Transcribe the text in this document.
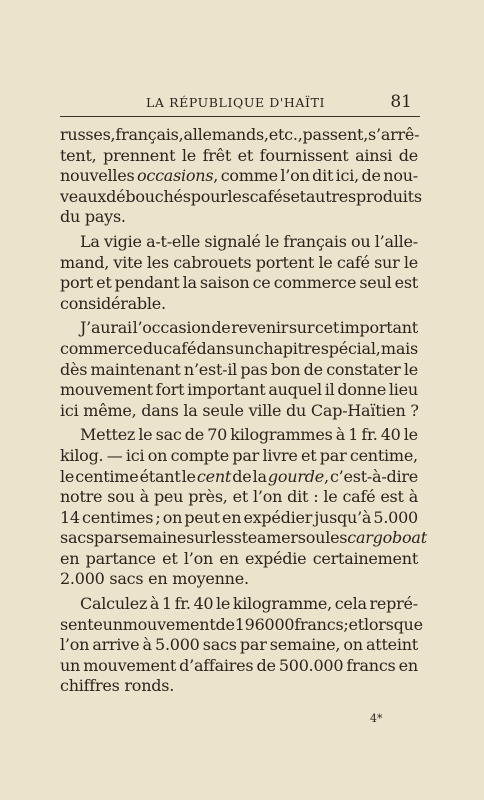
LA RÉPUBLIQUE D'HAÏTI	81
russes, français, allemands, etc., passent, s’arrê-
tent, prennent le frêt et fournissent ainsi de
nouvelles occasions, comme l’on dit ici, de nou-
veaux débouchés pour les cafés et autres produits
du pays.
La vigie a-t-elle signalé le français ou l’alle-
mand, vite les cabrouets portent le café sur le
port et pendant la saison ce commerce seul est
considérable.
J’aurai l’occasion de revenir sur cet important
commerce du café dans un chapitre spécial, mais
dès maintenant n’est-il pas bon de constater le
mouvement fort important auquel il donne lieu
ici même, dans la seule ville du Cap-Haïtien ?
Mettez le sac de 70 kilogrammes à 1 fr. 40 le
kilog. — ici on compte par livre et par centime,
le centime étant le cent de la gourde, c’est-à-dire
notre sou à peu près, et l’on dit : le café est à
14 centimes ; on peut en expédier jusqu’à 5.000
sacs par semaine sur les steamers ou les cargoboat
en partance et l’on en expédie certainement
2.000 sacs en moyenne.
Calculez à 1 fr. 40 le kilogramme, cela repré-
sente un mouvement de 196 000 francs ; et lorsque
l’on arrive à 5.000 sacs par semaine, on atteint
un mouvement d’affaires de 500.000 francs en
chiffres ronds.
4*
